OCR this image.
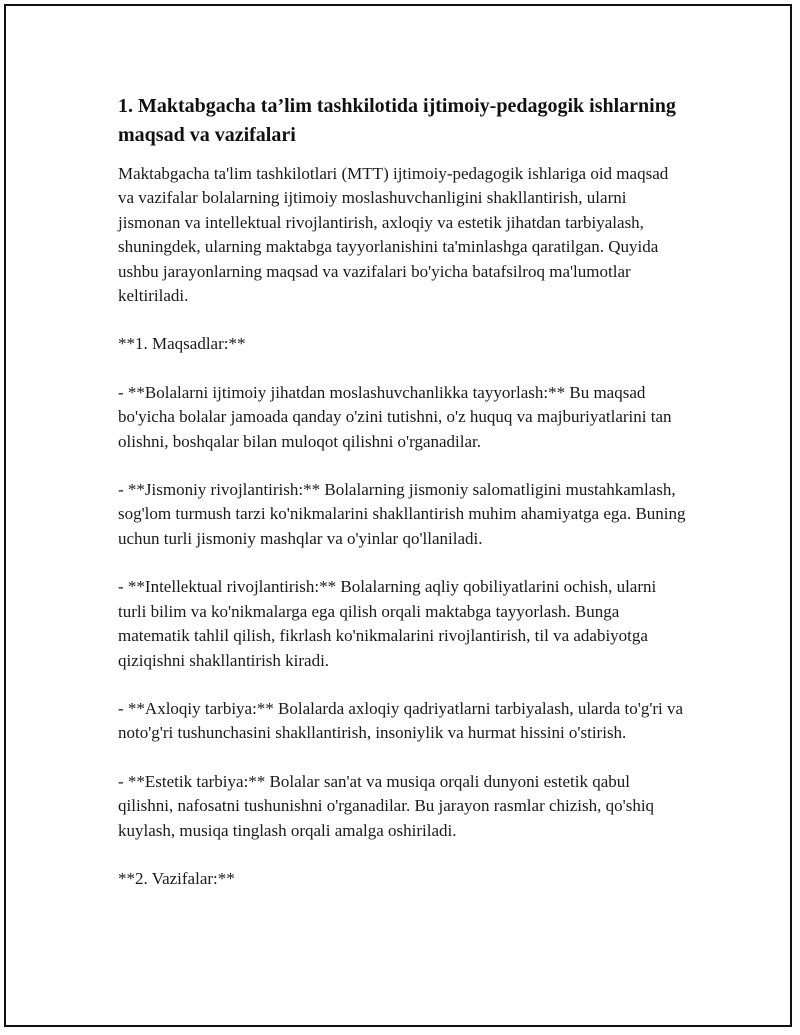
1. Maktabgacha ta’lim tashkilotida ijtimoiy-pedagogik ishlarning maqsad va vazifalari

Maktabgacha ta'lim tashkilotlari (MTT) ijtimoiy-pedagogik ishlariga oid maqsad va vazifalar bolalarning ijtimoiy moslashuvchanligini shakllantirish, ularni jismonan va intellektual rivojlantirish, axloqiy va estetik jihatdan tarbiyalash, shuningdek, ularning maktabga tayyorlanishini ta'minlashga qaratilgan. Quyida ushbu jarayonlarning maqsad va vazifalari bo'yicha batafsilroq ma'lumotlar keltiriladi.

**1. Maqsadlar:**

- **Bolalarni ijtimoiy jihatdan moslashuvchanlikka tayyorlash:** Bu maqsad bo'yicha bolalar jamoada qanday o'zini tutishni, o'z huquq va majburiyatlarini tan olishni, boshqalar bilan muloqot qilishni o'rganadilar.

- **Jismoniy rivojlantirish:** Bolalarning jismoniy salomatligini mustahkamlash, sog'lom turmush tarzi ko'nikmalarini shakllantirish muhim ahamiyatga ega. Buning uchun turli jismoniy mashqlar va o'yinlar qo'llaniladi.

- **Intellektual rivojlantirish:** Bolalarning aqliy qobiliyatlarini ochish, ularni turli bilim va ko'nikmalarga ega qilish orqali maktabga tayyorlash. Bunga matematik tahlil qilish, fikrlash ko'nikmalarini rivojlantirish, til va adabiyotga qiziqishni shakllantirish kiradi.

- **Axloqiy tarbiya:** Bolalarda axloqiy qadriyatlarni tarbiyalash, ularda to'g'ri va noto'g'ri tushunchasini shakllantirish, insoniylik va hurmat hissini o'stirish.

- **Estetik tarbiya:** Bolalar san'at va musiqa orqali dunyoni estetik qabul qilishni, nafosatni tushunishni o'rganadilar. Bu jarayon rasmlar chizish, qo'shiq kuylash, musiqa tinglash orqali amalga oshiriladi.

**2. Vazifalar:**
